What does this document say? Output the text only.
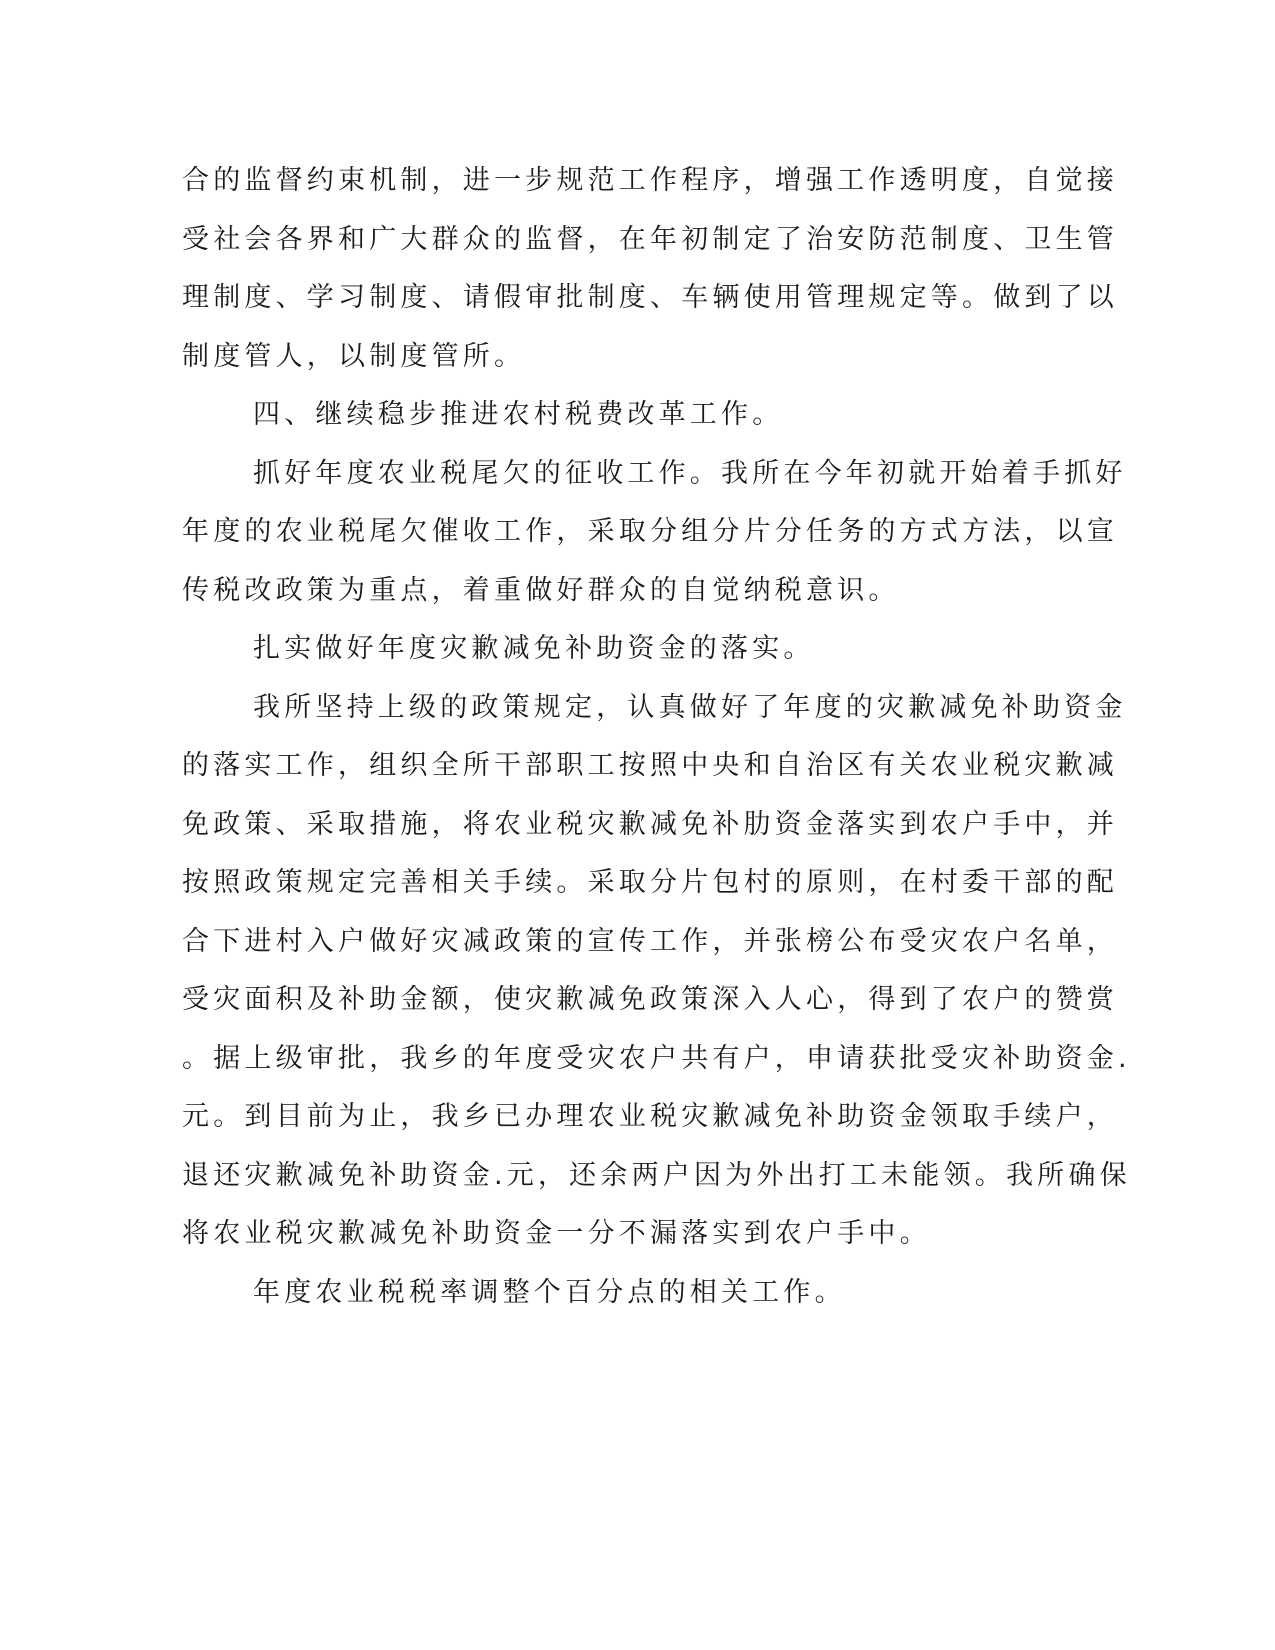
合的监督约束机制，进一步规范工作程序，增强工作透明度，自觉接
受社会各界和广大群众的监督，在年初制定了治安防范制度、卫生管
理制度、学习制度、请假审批制度、车辆使用管理规定等。做到了以
制度管人，以制度管所。
四、继续稳步推进农村税费改革工作。
抓好年度农业税尾欠的征收工作。我所在今年初就开始着手抓好
年度的农业税尾欠催收工作，采取分组分片分任务的方式方法，以宣
传税改政策为重点，着重做好群众的自觉纳税意识。
扎实做好年度灾歉减免补助资金的落实。
我所坚持上级的政策规定，认真做好了年度的灾歉减免补助资金
的落实工作，组织全所干部职工按照中央和自治区有关农业税灾歉减
免政策、采取措施，将农业税灾歉减免补肋资金落实到农户手中，并
按照政策规定完善相关手续。采取分片包村的原则，在村委干部的配
合下进村入户做好灾减政策的宣传工作，并张榜公布受灾农户名单，
受灾面积及补助金额，使灾歉减免政策深入人心，得到了农户的赞赏
。据上级审批，我乡的年度受灾农户共有户，申请获批受灾补助资金.
元。到目前为止，我乡已办理农业税灾歉减免补助资金领取手续户，
退还灾歉减免补助资金.元，还余两户因为外出打工未能领。我所确保
将农业税灾歉减免补助资金一分不漏落实到农户手中。
年度农业税税率调整个百分点的相关工作。
